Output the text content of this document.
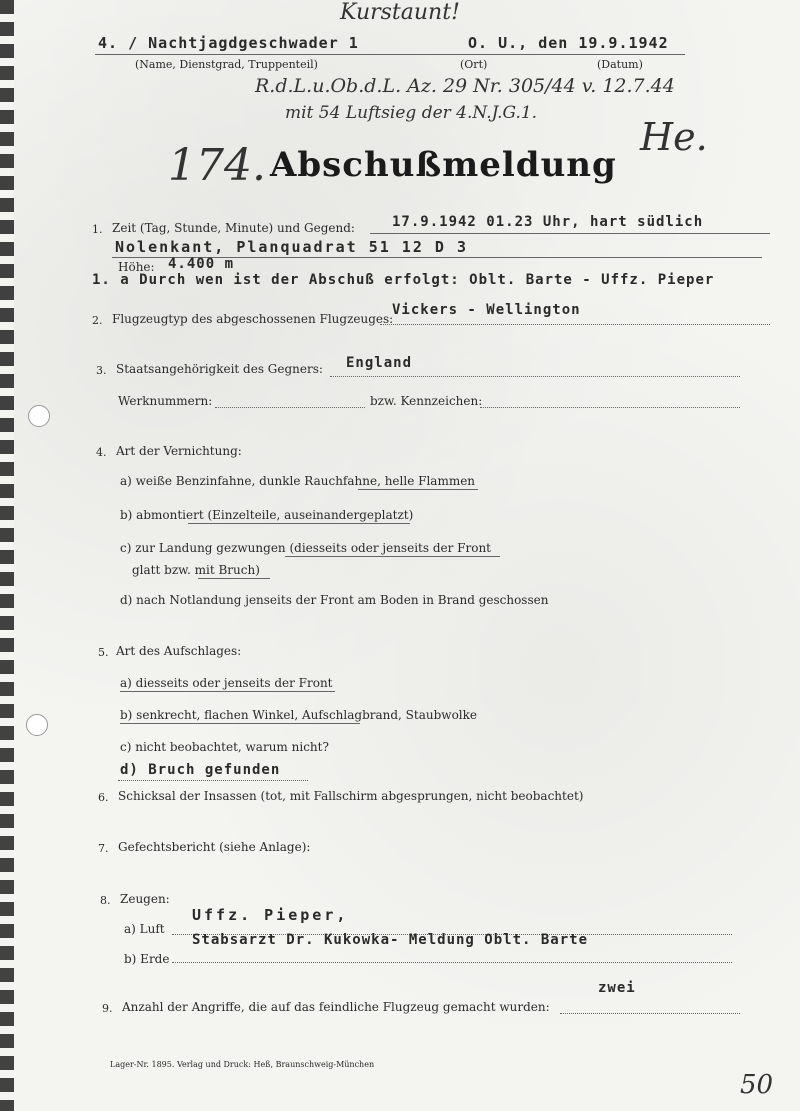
Kurstaunt!
4. / Nachtjagdgeschwader 1	O. U., den 19.9.1942
(Name, Dienstgrad, Truppenteil)	(Ort)	(Datum)
R.d.L.u.Ob.d.L. Az. 29 Nr. 305/44 v. 12.7.44
mit 54 Luftsieg der 4.N.J.G.1.
174. Abschußmeldung
He.
1. Zeit (Tag, Stunde, Minute) und Gegend:	17.9.1942 01.23 Uhr, hart südlich
Nolenkant, Planquadrat 51 12 D 3
Höhe: 4.400 m
1. a Durch wen ist der Abschuß erfolgt: Oblt. Barte - Uffz. Pieper
2. Flugzeugtyp des abgeschossenen Flugzeuges:
Vickers - Wellington
3. Staatsangehörigkeit des Gegners: England
Werknummern:	bzw. Kennzeichen:
4. Art der Vernichtung:
a) weiße Benzinfahne, dunkle Rauchfahne, helle Flammen
b) abmontiert (Einzelteile, auseinandergeplatzt)
c) zur Landung gezwungen (diesseits oder jenseits der Front
glatt bzw. mit Bruch)
d) nach Notlandung jenseits der Front am Boden in Brand geschossen
5. Art des Aufschlages:
a) diesseits oder jenseits der Front
b) senkrecht, flachen Winkel, Aufschlagbrand, Staubwolke
c) nicht beobachtet, warum nicht?
d) Bruch gefunden
6. Schicksal der Insassen (tot, mit Fallschirm abgesprungen, nicht beobachtet)
7. Gefechtsbericht (siehe Anlage):
8. Zeugen:
a) Luft
Uffz. Pieper,
b) Erde
Stabsarzt Dr. Kukowka- Meldung Oblt. Barte
zwei
9. Anzahl der Angriffe, die auf das feindliche Flugzeug gemacht wurden:
Lager-Nr. 1895. Verlag und Druck: Heß, Braunschweig-München
50
